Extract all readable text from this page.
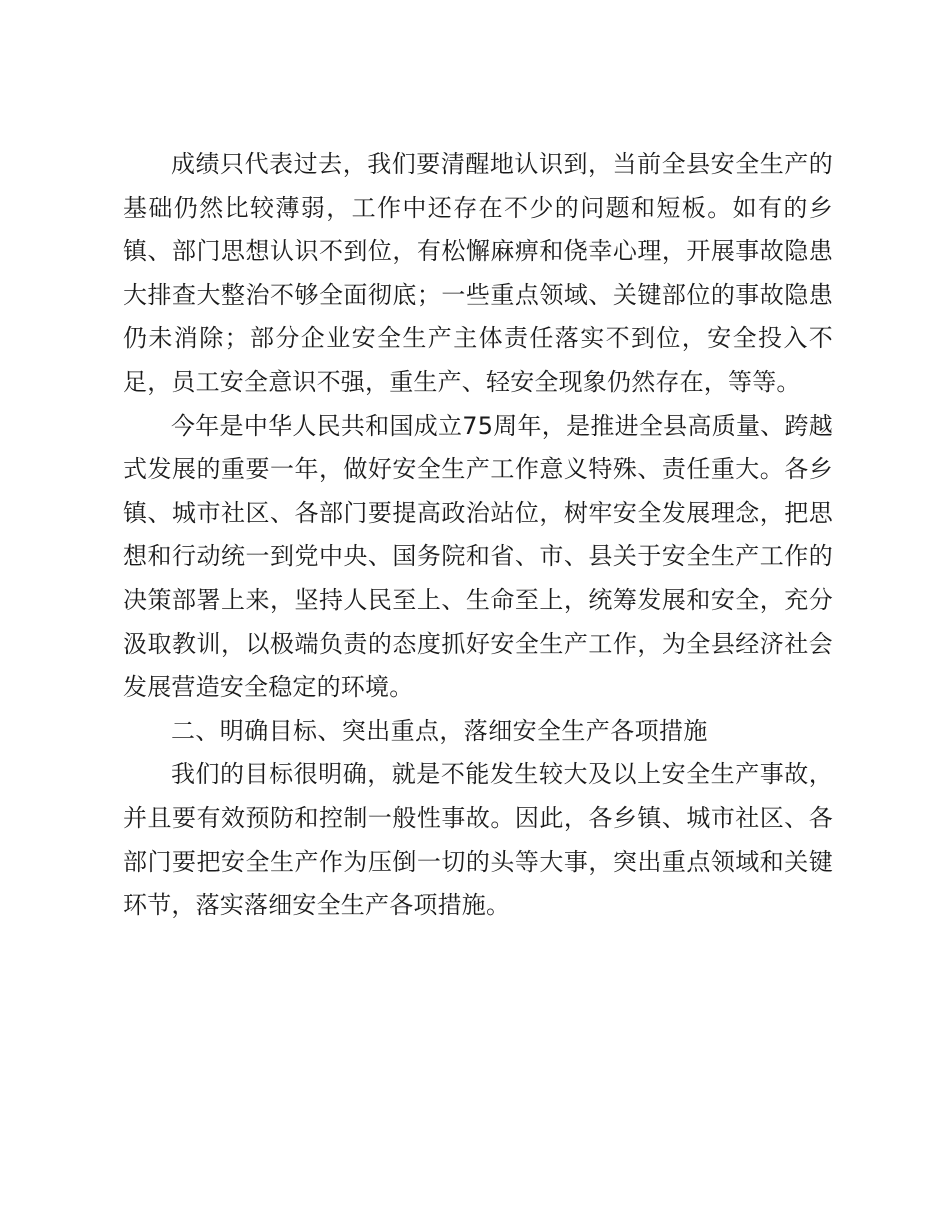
成绩只代表过去，我们要清醒地认识到，当前全县安全生产的基础仍然比较薄弱，工作中还存在不少的问题和短板。如有的乡镇、部门思想认识不到位，有松懈麻痹和侥幸心理，开展事故隐患大排查大整治不够全面彻底；一些重点领域、关键部位的事故隐患仍未消除；部分企业安全生产主体责任落实不到位，安全投入不足，员工安全意识不强，重生产、轻安全现象仍然存在，等等。

今年是中华人民共和国成立75周年，是推进全县高质量、跨越式发展的重要一年，做好安全生产工作意义特殊、责任重大。各乡镇、城市社区、各部门要提高政治站位，树牢安全发展理念，把思想和行动统一到党中央、国务院和省、市、县关于安全生产工作的决策部署上来，坚持人民至上、生命至上，统筹发展和安全，充分汲取教训，以极端负责的态度抓好安全生产工作，为全县经济社会发展营造安全稳定的环境。

二、明确目标、突出重点，落细安全生产各项措施

我们的目标很明确，就是不能发生较大及以上安全生产事故，并且要有效预防和控制一般性事故。因此，各乡镇、城市社区、各部门要把安全生产作为压倒一切的头等大事，突出重点领域和关键环节，落实落细安全生产各项措施。
